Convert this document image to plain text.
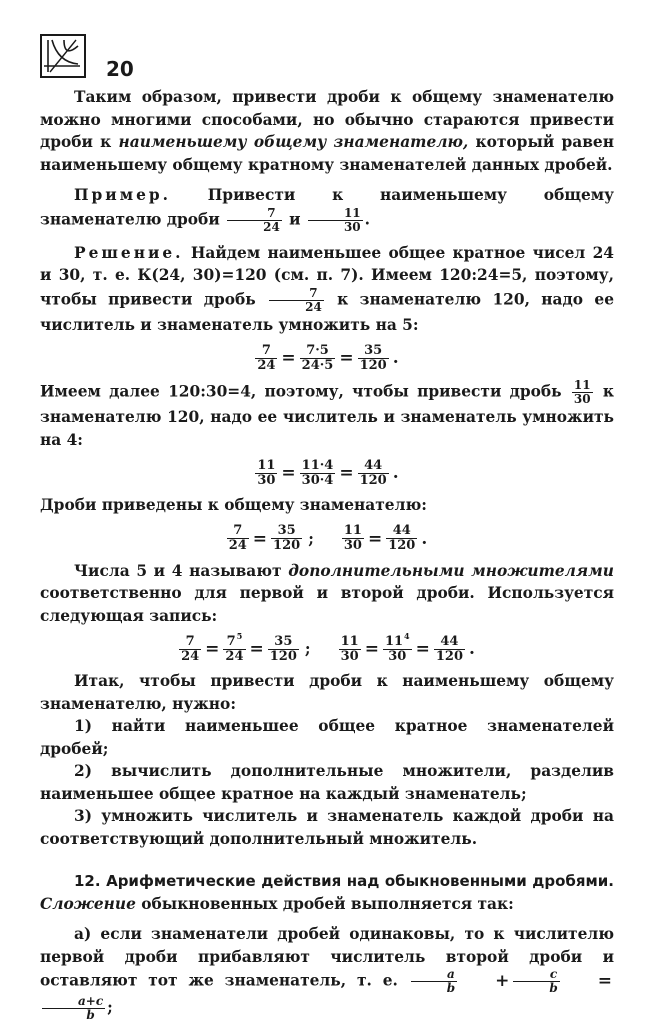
20

Таким образом, привести дроби к общему знаменателю можно многими способами, но обычно стараются привести дроби к наименьшему общему знаменателю, который равен наименьшему общему кратному знаменателей данных дробей.

Пример. Привести к наименьшему общему знаменателю дроби $\frac{7}{24}$ и $\frac{11}{30}$ .

Решение. Найдем наименьшее общее кратное чисел 24 и 30, т. е. К(24, 30)=120 (см. п. 7). Имеем 120:24=5, поэтому, чтобы привести дробь $\frac{7}{24}$ к знаменателю 120, надо ее числитель и знаменатель умножить на 5:

$\frac{7}{24} = \frac{7\cdot 5}{24\cdot 5} = \frac{35}{120}$ .

Имеем далее 120:30=4, поэтому, чтобы привести дробь $\frac{11}{30}$ к знаменателю 120, надо ее числитель и знаменатель умножить на 4:

$\frac{11}{30} = \frac{11\cdot 4}{30\cdot 4} = \frac{44}{120}$ .

Дроби приведены к общему знаменателю:

$\frac{7}{24} = \frac{35}{120}$ ; $\frac{11}{30} = \frac{44}{120}$ .

Числа 5 и 4 называют дополнительными множителями соответственно для первой и второй дроби. Используется следующая запись:

$\frac{7}{24} = \frac{7^5}{24} = \frac{35}{120}$ ; $\frac{11}{30} = \frac{11^4}{30} = \frac{44}{120}$ .

Итак, чтобы привести дроби к наименьшему общему знаменателю, нужно:

1) найти наименьшее общее кратное знаменателей дробей;

2) вычислить дополнительные множители, разделив наименьшее общее кратное на каждый знаменатель;

3) умножить числитель и знаменатель каждой дроби на соответствующий дополнительный множитель.

12. Арифметические действия над обыкновенными дробями. Сложение обыкновенных дробей выполняется так:

а) если знаменатели дробей одинаковы, то к числителю первой дроби прибавляют числитель второй дроби и оставляют тот же знаменатель, т. е. $\frac{a}{b} + \frac{c}{b}$ =
$\frac{a+c}{b}$ ;
